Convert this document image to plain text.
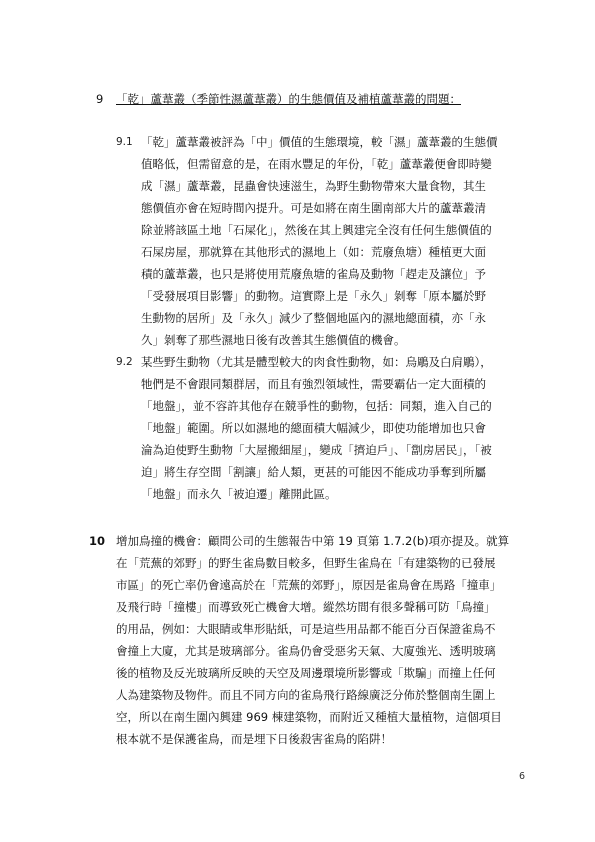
9 「乾」蘆葦叢（季節性濕蘆葦叢）的生態價值及補植蘆葦叢的問題：
9.1 「乾」蘆葦叢被評為「中」價值的生態環境，較「濕」蘆葦叢的生態價
值略低，但需留意的是，在雨水豐足的年份，「乾」蘆葦叢便會即時變
成「濕」蘆葦叢，昆蟲會快速滋生，為野生動物帶來大量食物，其生
態價值亦會在短時間內提升。可是如將在南生圍南部大片的蘆葦叢清
除並將該區土地「石屎化」，然後在其上興建完全沒有任何生態價值的
石屎房屋，那就算在其他形式的濕地上（如：荒廢魚塘）種植更大面
積的蘆葦叢，也只是將使用荒廢魚塘的雀鳥及動物「趕走及讓位」予
「受發展項目影響」的動物。這實際上是「永久」剝奪「原本屬於野
生動物的居所」及「永久」減少了整個地區內的濕地總面積，亦「永
久」剝奪了那些濕地日後有改善其生態價值的機會。
9.2 某些野生動物（尤其是體型較大的肉食性動物，如：烏鵰及白肩鵰），
牠們是不會跟同類群居，而且有強烈領域性，需要霸佔一定大面積的
「地盤」，並不容許其他存在競爭性的動物，包括：同類，進入自己的
「地盤」範圍。所以如濕地的總面積大幅減少，即使功能增加也只會
淪為迫使野生動物「大屋搬細屋」，變成「擠迫戶」、「劏房居民」，「被
迫」將生存空間「割讓」給人類，更甚的可能因不能成功爭奪到所屬
「地盤」而永久「被迫遷」離開此區。
10 增加鳥撞的機會：顧問公司的生態報告中第 19 頁第 1.7.2(b)項亦提及。就算
在「荒蕪的郊野」的野生雀鳥數目較多，但野生雀鳥在「有建築物的已發展
市區」的死亡率仍會遠高於在「荒蕪的郊野」，原因是雀鳥會在馬路「撞車」
及飛行時「撞樓」而導致死亡機會大增。縱然坊間有很多聲稱可防「鳥撞」
的用品，例如：大眼睛或隼形貼紙，可是這些用品都不能百分百保證雀鳥不
會撞上大廈，尤其是玻璃部分。雀鳥仍會受惡劣天氣、大廈強光、透明玻璃
後的植物及反光玻璃所反映的天空及周邊環境所影響或「欺騙」而撞上任何
人為建築物及物件。而且不同方向的雀鳥飛行路線廣泛分佈於整個南生圍上
空，所以在南生圍內興建 969 棟建築物，而附近又種植大量植物，這個項目
根本就不是保護雀鳥，而是埋下日後殺害雀鳥的陷阱！
6
